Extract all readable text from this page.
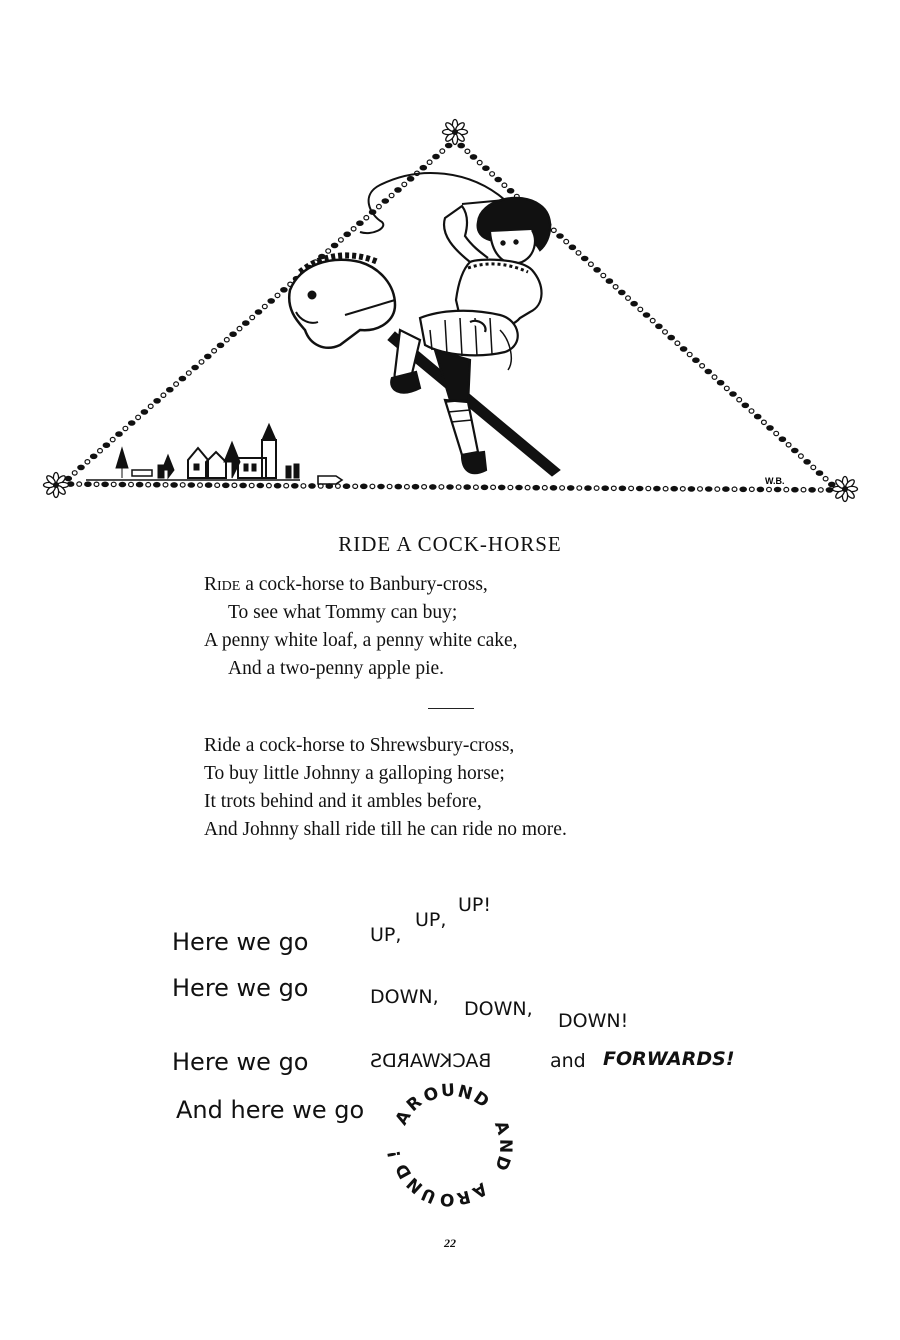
W.B.
RIDE A COCK-HORSE
Ride a cock-horse to Banbury-cross,
To see what Tommy can buy;
A penny white loaf, a penny white cake,
And a two-penny apple pie.
Ride a cock-horse to Shrewsbury-cross,
To buy little Johnny a galloping horse;
It trots behind and it ambles before,
And Johnny shall ride till he can ride no more.
Here we go	UP,
UP,
UP!
Here we go	DOWN,
DOWN,
DOWN!
Here we go	BACKWARDS	and FORWARDS!
And here we go A
R
O
U N
D
A
N
D
A
R
O
U
N
D
!
22
